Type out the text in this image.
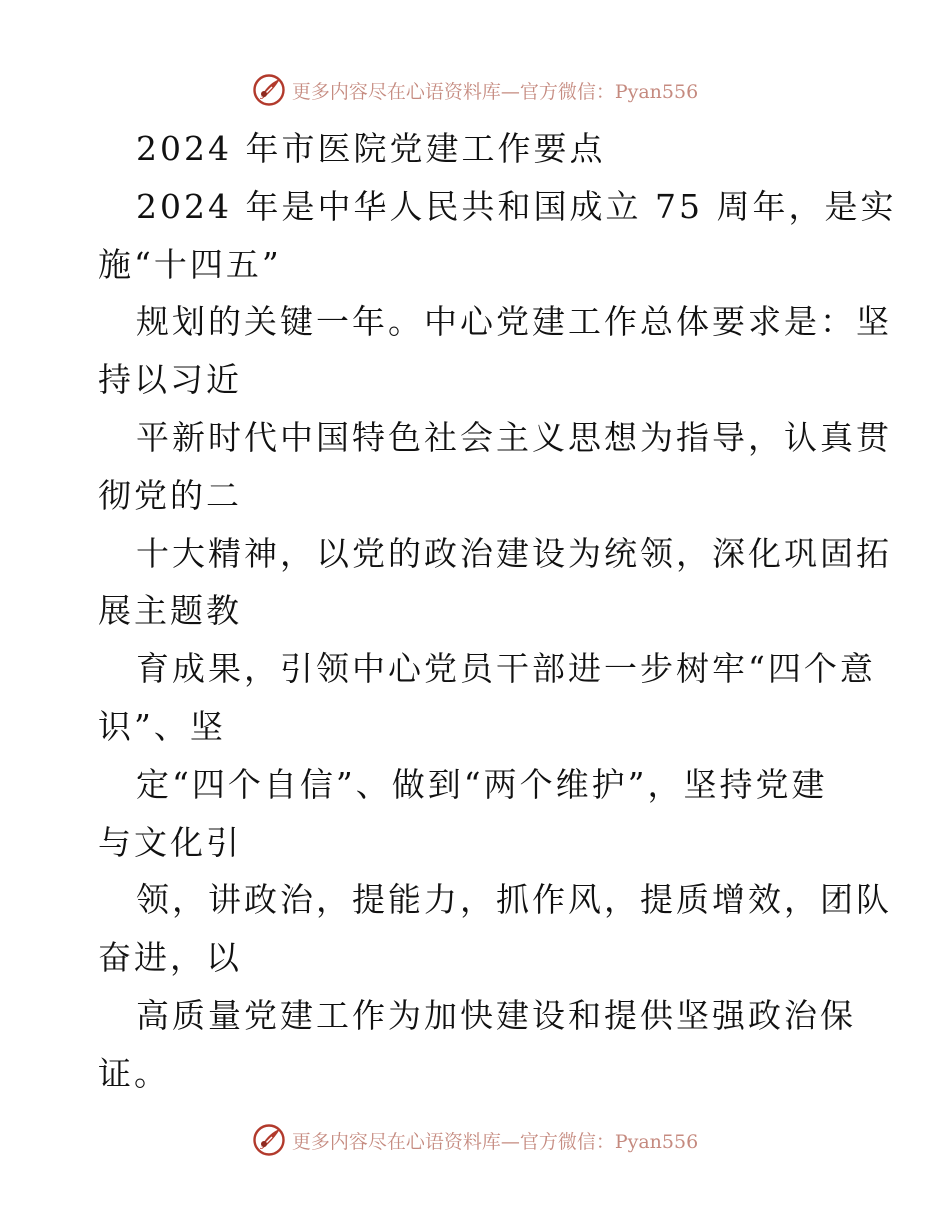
更多内容尽在心语资料库—官方微信：Pyan556
2024 年市医院党建工作要点
2024 年是中华人民共和国成立 75 周年，是实
施“十四五”
规划的关键一年。中心党建工作总体要求是：坚
持以习近
平新时代中国特色社会主义思想为指导，认真贯
彻党的二
十大精神，以党的政治建设为统领，深化巩固拓
展主题教
育成果，引领中心党员干部进一步树牢“四个意
识”、坚
定“四个自信”、做到“两个维护”，坚持党建
与文化引
领，讲政治，提能力，抓作风，提质增效，团队
奋进，以
高质量党建工作为加快建设和提供坚强政治保
证。
更多内容尽在心语资料库—官方微信：Pyan556
